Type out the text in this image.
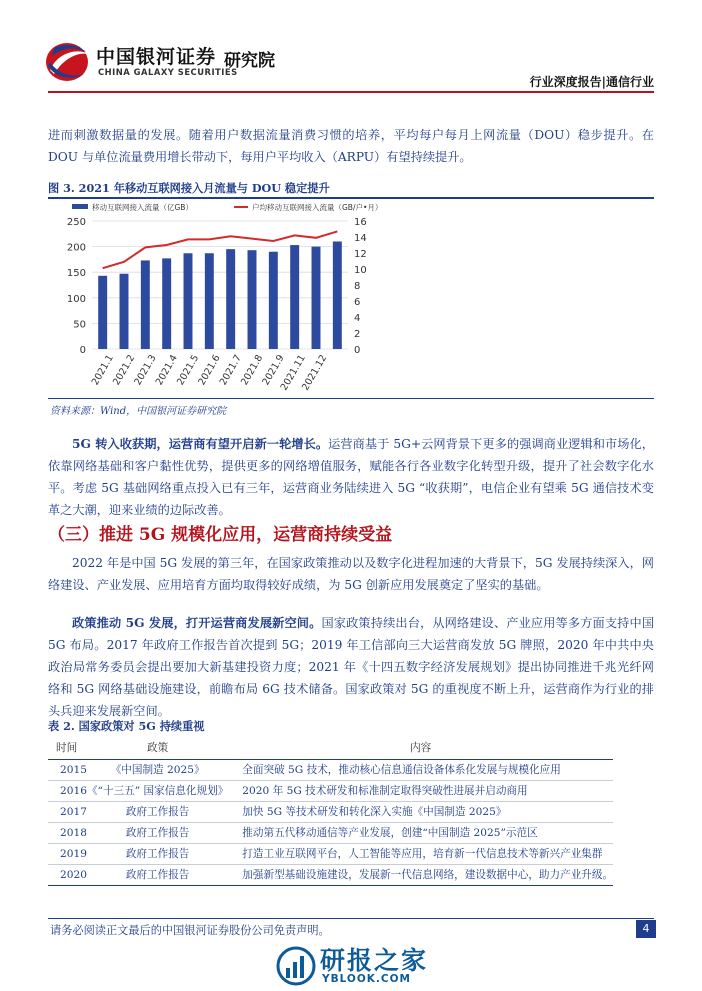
中国银河证券
CHINA GALAXY SECURITIES
研究院
行业深度报告|通信行业
进而刺激数据量的发展。随着用户数据流量消费习惯的培养，平均每户每月上网流量（DOU）稳步提升。在 DOU 与单位流量费用增长带动下，每用户平均收入（ARPU）有望持续提升。
图 3. 2021 年移动互联网接入月流量与 DOU 稳定提升
移动互联网接入流量（亿GB）	户均移动互联网接入流量（GB/户•月）
0
50
100
150
200
250
0
2
4
6
8
10
12
14
16
2021.1
2021.2
2021.3
2021.4
2021.5
2021.6
2021.7
2021.8
2021.9
2021.11
2021.12
资料来源：Wind，中国银河证券研究院
5G 转入收获期，运营商有望开启新一轮增长。运营商基于 5G+云网背景下更多的强调商业逻辑和市场化，依靠网络基础和客户黏性优势，提供更多的网络增值服务，赋能各行各业数字化转型升级，提升了社会数字化水平。考虑 5G 基础网络重点投入已有三年，运营商业务陆续进入 5G “收获期”，电信企业有望乘 5G 通信技术变革之大潮，迎来业绩的边际改善。
（三）推进 5G 规模化应用，运营商持续受益
2022 年是中国 5G 发展的第三年，在国家政策推动以及数字化进程加速的大背景下，5G 发展持续深入，网络建设、产业发展、应用培育方面均取得较好成绩，为 5G 创新应用发展奠定了坚实的基础。
政策推动 5G 发展，打开运营商发展新空间。国家政策持续出台，从网络建设、产业应用等多方面支持中国 5G 布局。2017 年政府工作报告首次提到 5G；2019 年工信部向三大运营商发放 5G 牌照，2020 年中共中央政治局常务委员会提出要加大新基建投资力度；2021 年《十四五数字经济发展规划》提出协同推进千兆光纤网络和 5G 网络基础设施建设，前瞻布局 6G 技术储备。国家政策对 5G 的重视度不断上升，运营商作为行业的排头兵迎来发展新空间。
表 2. 国家政策对 5G 持续重视
时间	政策	内容
2015	《中国制造 2025》	全面突破 5G 技术，推动核心信息通信设备体系化发展与规模化应用
2016	《“十三五” 国家信息化规划》	2020 年 5G 技术研发和标准制定取得突破性进展并启动商用
2017	政府工作报告	加快 5G 等技术研发和转化深入实施《中国制造 2025》
2018	政府工作报告	推动第五代移动通信等产业发展，创建“中国制造 2025”示范区
2019	政府工作报告	打造工业互联网平台，人工智能等应用，培育新一代信息技术等新兴产业集群
2020	政府工作报告	加强新型基础设施建设，发展新一代信息网络，建设数据中心，助力产业升级。
请务必阅读正文最后的中国银河证券股份公司免责声明。	4
研报之家
YBLOOK.COM
